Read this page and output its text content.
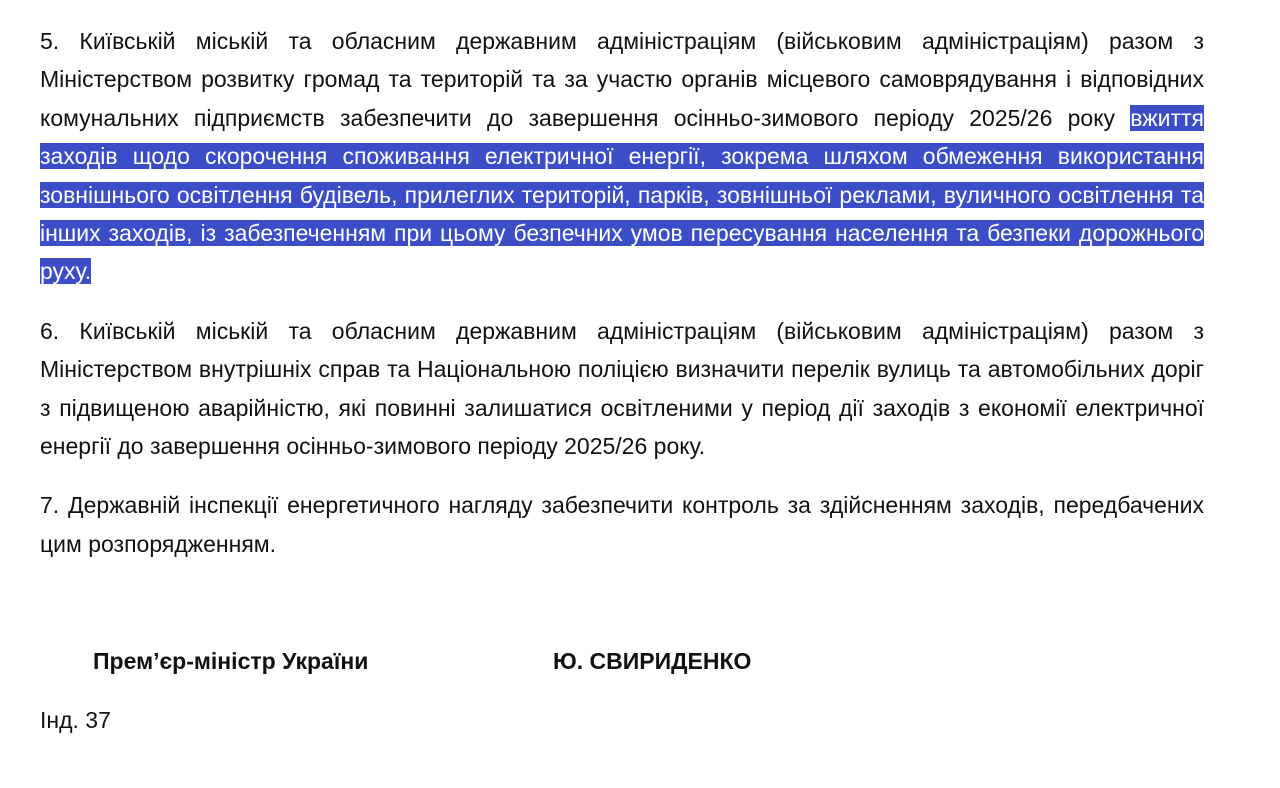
5. Київській міській та обласним державним адміністраціям (військовим адміністраціям) разом з Міністерством розвитку громад та територій та за участю органів місцевого самоврядування і відповідних комунальних підприємств забезпечити до завершення осінньо-зимового періоду 2025/26 року вжиття заходів щодо скорочення споживання електричної енергії, зокрема шляхом обмеження використання зовнішнього освітлення будівель, прилеглих територій, парків, зовнішньої реклами, вуличного освітлення та інших заходів, із забезпеченням при цьому безпечних умов пересування населення та безпеки дорожнього руху.

6. Київській міській та обласним державним адміністраціям (військовим адміністраціям) разом з Міністерством внутрішніх справ та Національною поліцією визначити перелік вулиць та автомобільних доріг з підвищеною аварійністю, які повинні залишатися освітленими у період дії заходів з економії електричної енергії до завершення осінньо-зимового періоду 2025/26 року.

7. Державній інспекції енергетичного нагляду забезпечити контроль за здійсненням заходів, передбачених цим розпорядженням.

Прем’єр-міністр України	Ю. СВИРИДЕНКО
Інд. 37
